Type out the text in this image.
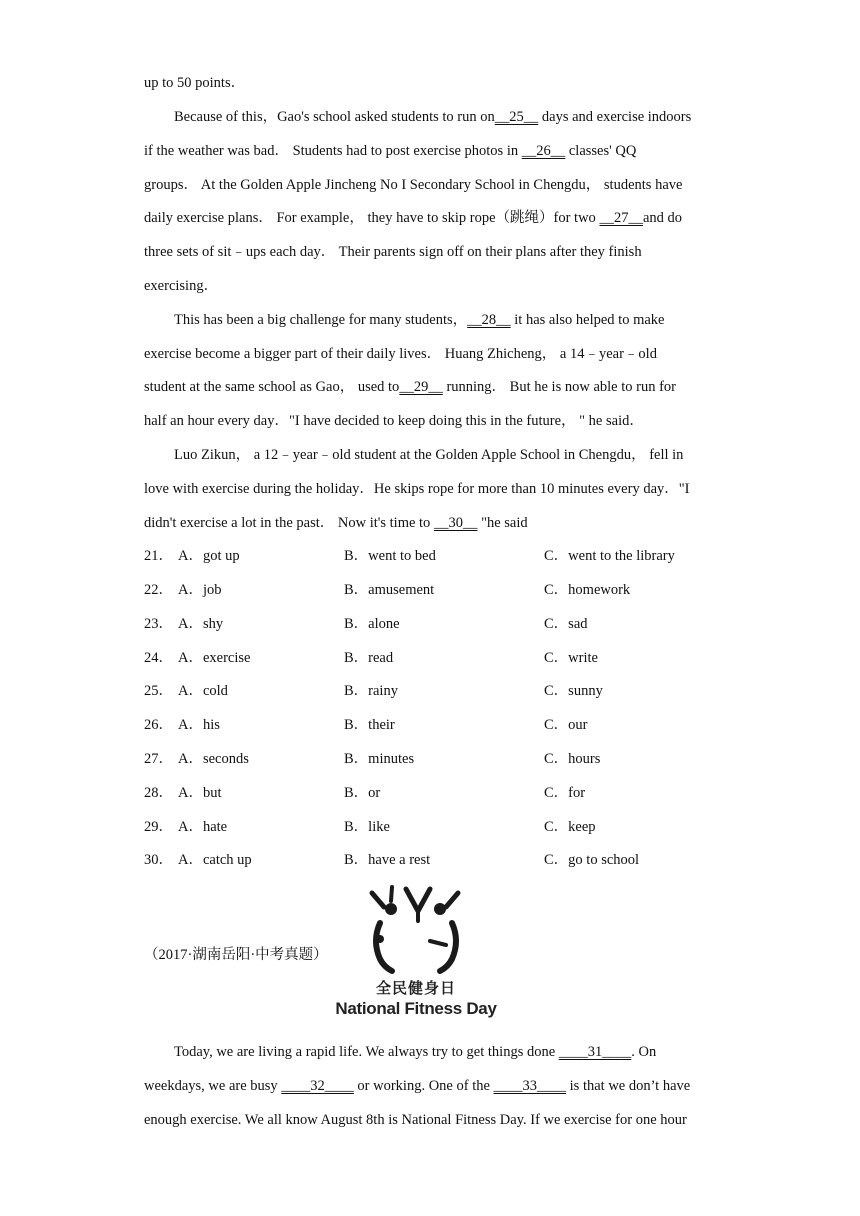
up to 50 points．
Because of this，Gao's school asked students to run on__25__ days and exercise indoors
if the weather was bad． Students had to post exercise photos in __26__ classes' QQ
groups． At the Golden Apple Jincheng No I Secondary School in Chengdu， students have
daily exercise plans． For example， they have to skip rope（跳绳）for two __27__and do
three sets of sit﹣ups each day． Their parents sign off on their plans after they finish
exercising．
This has been a big challenge for many students，__28__ it has also helped to make
exercise become a bigger part of their daily lives． Huang Zhicheng， a 14﹣year﹣old
student at the same school as Gao， used to__29__ running． But he is now able to run for
half an hour every day．"I have decided to keep doing this in the future， " he said．
Luo Zikun， a 12﹣year﹣old student at the Golden Apple School in Chengdu， fell in
love with exercise during the holiday．He skips rope for more than 10 minutes every day．"I
didn't exercise a lot in the past． Now it's time to __30__ "he said
21． A．got up	B．went to bed	C．went to the library
22． A．job	B．amusement	C．homework
23． A．shy	B．alone	C．sad
24． A．exercise	B．read	C．write
25． A．cold	B．rainy	C．sunny
26． A．his	B．their	C．our
27． A．seconds	B．minutes	C．hours
28． A．but	B．or	C．for
29． A．hate	B．like	C．keep
30． A．catch up	B．have a rest	C．go to school
（2017·湖南岳阳·中考真题）
全民健身日
National Fitness Day
Today, we are living a rapid life. We always try to get things done ____31____. On
weekdays, we are busy ____32____ or working. One of the ____33____ is that we don’t have
enough exercise. We all know August 8th is National Fitness Day. If we exercise for one hour
